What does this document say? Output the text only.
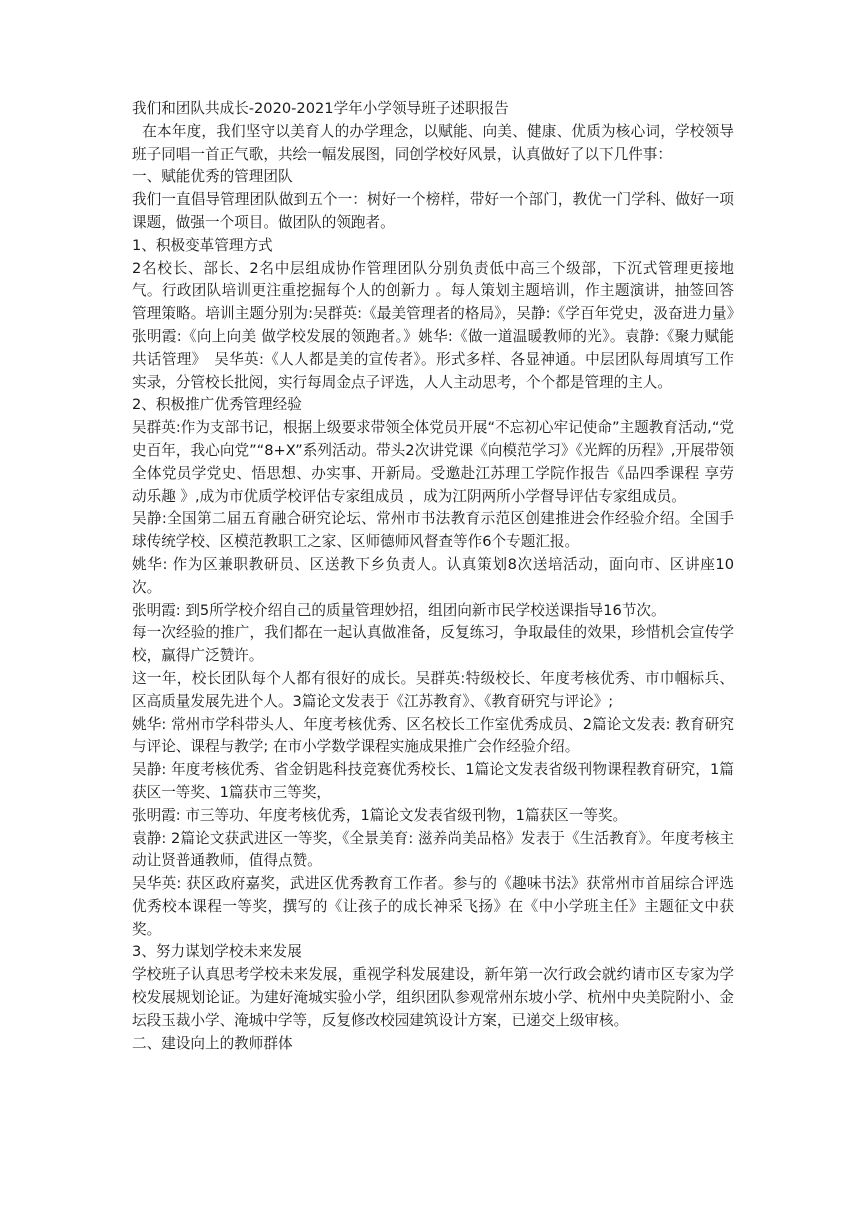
我们和团队共成长-2020-2021学年小学领导班子述职报告

在本年度，我们坚守以美育人的办学理念，以赋能、向美、健康、优质为核心词，学校领导班子同唱一首正气歌，共绘一幅发展图，同创学校好风景，认真做好了以下几件事：

一、赋能优秀的管理团队

我们一直倡导管理团队做到五个一：树好一个榜样，带好一个部门，教优一门学科、做好一项课题，做强一个项目。做团队的领跑者。

1、积极变革管理方式

2名校长、部长、2名中层组成协作管理团队分别负责低中高三个级部，下沉式管理更接地气。行政团队培训更注重挖掘每个人的创新力 。每人策划主题培训，作主题演讲，抽签回答管理策略。培训主题分别为:吴群英:《最美管理者的格局》，吴静:《学百年党史，汲奋进力量》张明霞:《向上向美 做学校发展的领跑者。》姚华:《做一道温暖教师的光》。袁静:《聚力赋能 共话管理》　吴华英:《人人都是美的宣传者》。形式多样、各显神通。中层团队每周填写工作实录，分管校长批阅，实行每周金点子评选，人人主动思考，个个都是管理的主人。

2、积极推广优秀管理经验

吴群英:作为支部书记，根据上级要求带领全体党员开展“不忘初心牢记使命”主题教育活动,“党史百年，我心向党”“8+X”系列活动。带头2次讲党课《向模范学习》《光辉的历程》,开展带领全体党员学党史、悟思想、办实事、开新局。受邀赴江苏理工学院作报告《品四季课程 享劳动乐趣 》,成为市优质学校评估专家组成员 ，成为江阴两所小学督导评估专家组成员。

吴静:全国第二届五育融合研究论坛、常州市书法教育示范区创建推进会作经验介绍。全国手球传统学校、区模范教职工之家、区师德师风督查等作6个专题汇报。

姚华: 作为区兼职教研员、区送教下乡负责人。认真策划8次送培活动，面向市、区讲座10次。

张明霞: 到5所学校介绍自己的质量管理妙招，组团向新市民学校送课指导16节次。

每一次经验的推广，我们都在一起认真做准备，反复练习，争取最佳的效果，珍惜机会宣传学校，赢得广泛赞许。

这一年，校长团队每个人都有很好的成长。吴群英:特级校长、年度考核优秀、市巾帼标兵、区高质量发展先进个人。3篇论文发表于《江苏教育》、《教育研究与评论》;

姚华: 常州市学科带头人、年度考核优秀、区名校长工作室优秀成员、2篇论文发表: 教育研究与评论、课程与教学; 在市小学数学课程实施成果推广会作经验介绍。

吴静: 年度考核优秀、省金钥匙科技竞赛优秀校长、1篇论文发表省级刊物课程教育研究，1篇获区一等奖、1篇获市三等奖，

张明霞: 市三等功、年度考核优秀，1篇论文发表省级刊物，1篇获区一等奖。

袁静: 2篇论文获武进区一等奖，《全景美育: 滋养尚美品格》发表于《生活教育》。年度考核主动让贤普通教师，值得点赞。

吴华英: 获区政府嘉奖，武进区优秀教育工作者。参与的《趣味书法》获常州市首届综合评选优秀校本课程一等奖，撰写的《让孩子的成长神采飞扬》在《中小学班主任》主题征文中获奖。

3、努力谋划学校未来发展

学校班子认真思考学校未来发展，重视学科发展建设，新年第一次行政会就约请市区专家为学校发展规划论证。为建好淹城实验小学，组织团队参观常州东坡小学、杭州中央美院附小、金坛段玉裁小学、淹城中学等，反复修改校园建筑设计方案，已递交上级审核。

二、建设向上的教师群体
